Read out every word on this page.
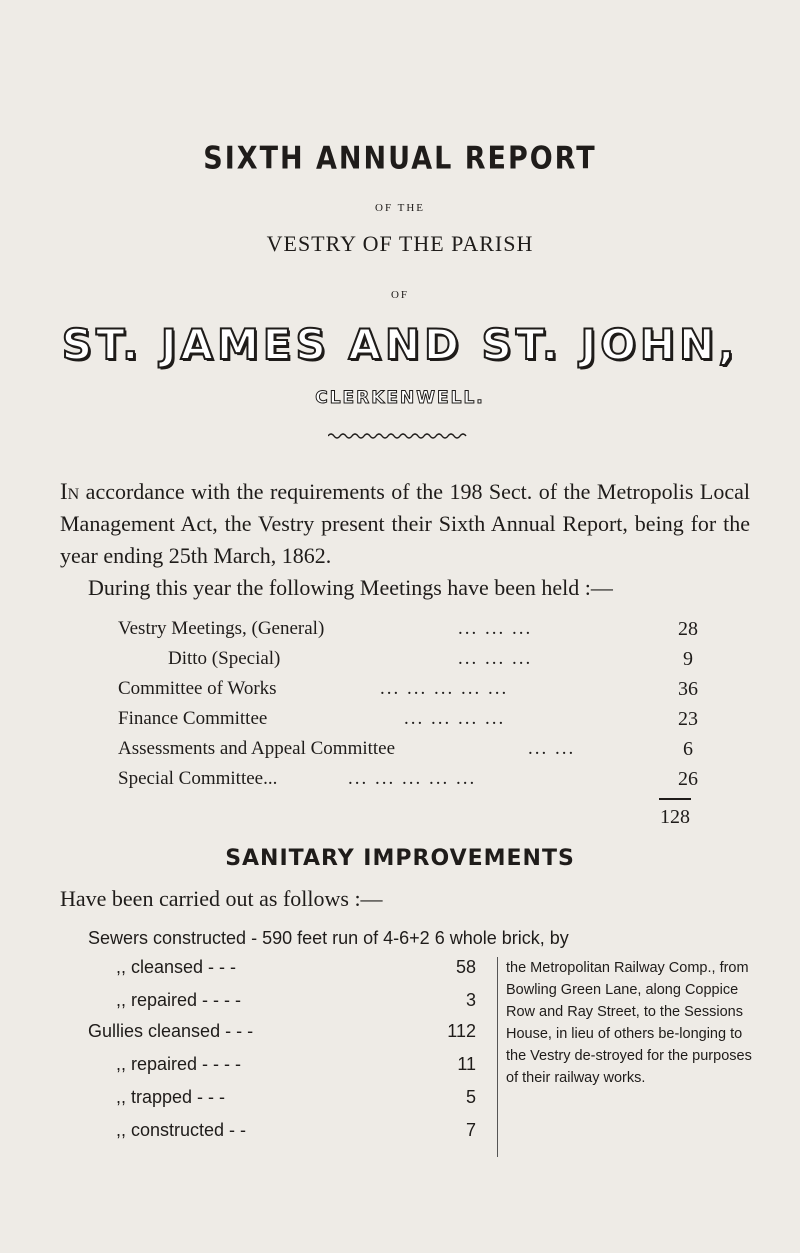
SIXTH ANNUAL REPORT
OF THE
VESTRY OF THE PARISH
OF
ST. JAMES AND ST. JOHN,
CLERKENWELL.
In accordance with the requirements of the 198 Sect. of the Metropolis Local Management Act, the Vestry present their Sixth Annual Report, being for the year ending 25th March, 1862.
During this year the following Meetings have been held :—
Vestry Meetings, (General)	... ... ...	28
Ditto (Special)	... ... ...	9
Committee of Works	... ... ... ... ...	36
Finance Committee	... ... ... ...	23
Assessments and Appeal Committee	... ...	6
Special Committee...	... ... ... ... ...	26
128
SANITARY IMPROVEMENTS
Have been carried out as follows :—
Sewers constructed - 590 feet run of 4-6+2 6 whole brick, by
,, cleansed - - -	58
,, repaired - - - -	3
Gullies cleansed - - -	112
,, repaired - - - -	11
,, trapped - - -	5
,, constructed - -	7
the Metropolitan Railway Comp., from Bowling Green Lane, along Coppice Row and Ray Street, to the Sessions House, in lieu of others be-longing to the Vestry de-stroyed for the purposes of their railway works.
